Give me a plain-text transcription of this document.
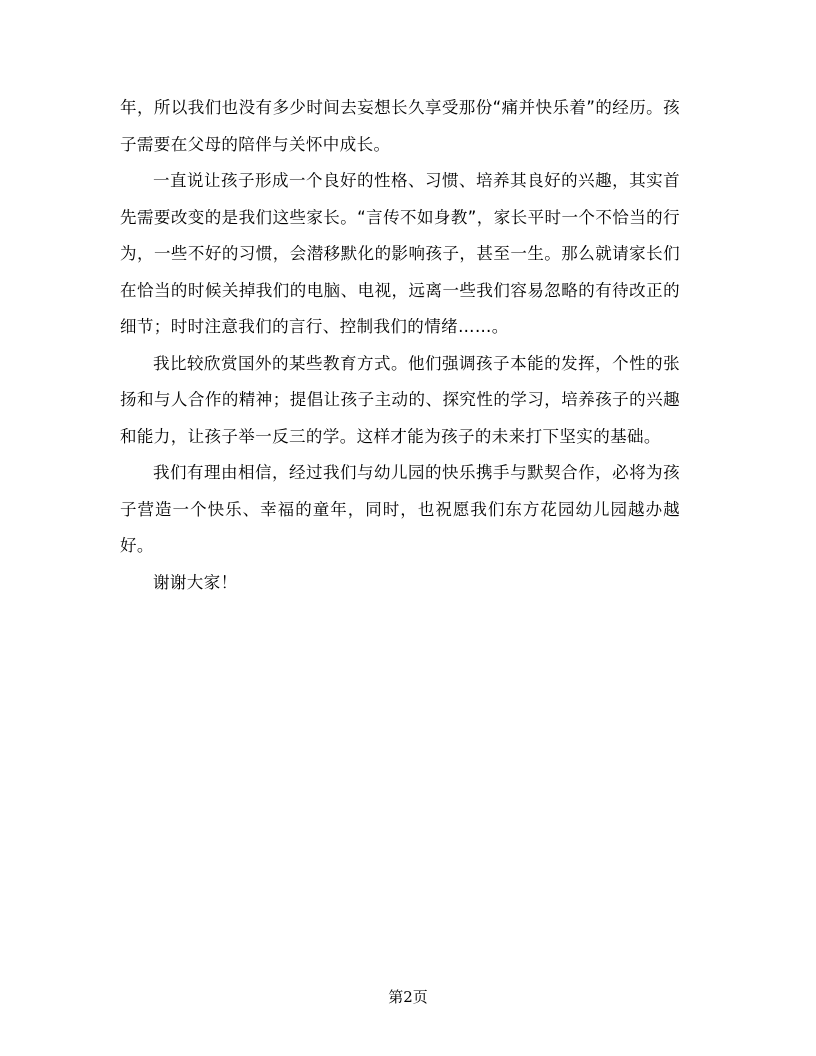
年，所以我们也没有多少时间去妄想长久享受那份“痛并快乐着”的经历。孩子需要在父母的陪伴与关怀中成长。

一直说让孩子形成一个良好的性格、习惯、培养其良好的兴趣，其实首先需要改变的是我们这些家长。“言传不如身教”，家长平时一个不恰当的行为，一些不好的习惯，会潜移默化的影响孩子，甚至一生。那么就请家长们在恰当的时候关掉我们的电脑、电视，远离一些我们容易忽略的有待改正的细节；时时注意我们的言行、控制我们的情绪……。

我比较欣赏国外的某些教育方式。他们强调孩子本能的发挥，个性的张扬和与人合作的精神；提倡让孩子主动的、探究性的学习，培养孩子的兴趣和能力，让孩子举一反三的学。这样才能为孩子的未来打下坚实的基础。

我们有理由相信，经过我们与幼儿园的快乐携手与默契合作，必将为孩子营造一个快乐、幸福的童年，同时，也祝愿我们东方花园幼儿园越办越好。

谢谢大家！

第2页
